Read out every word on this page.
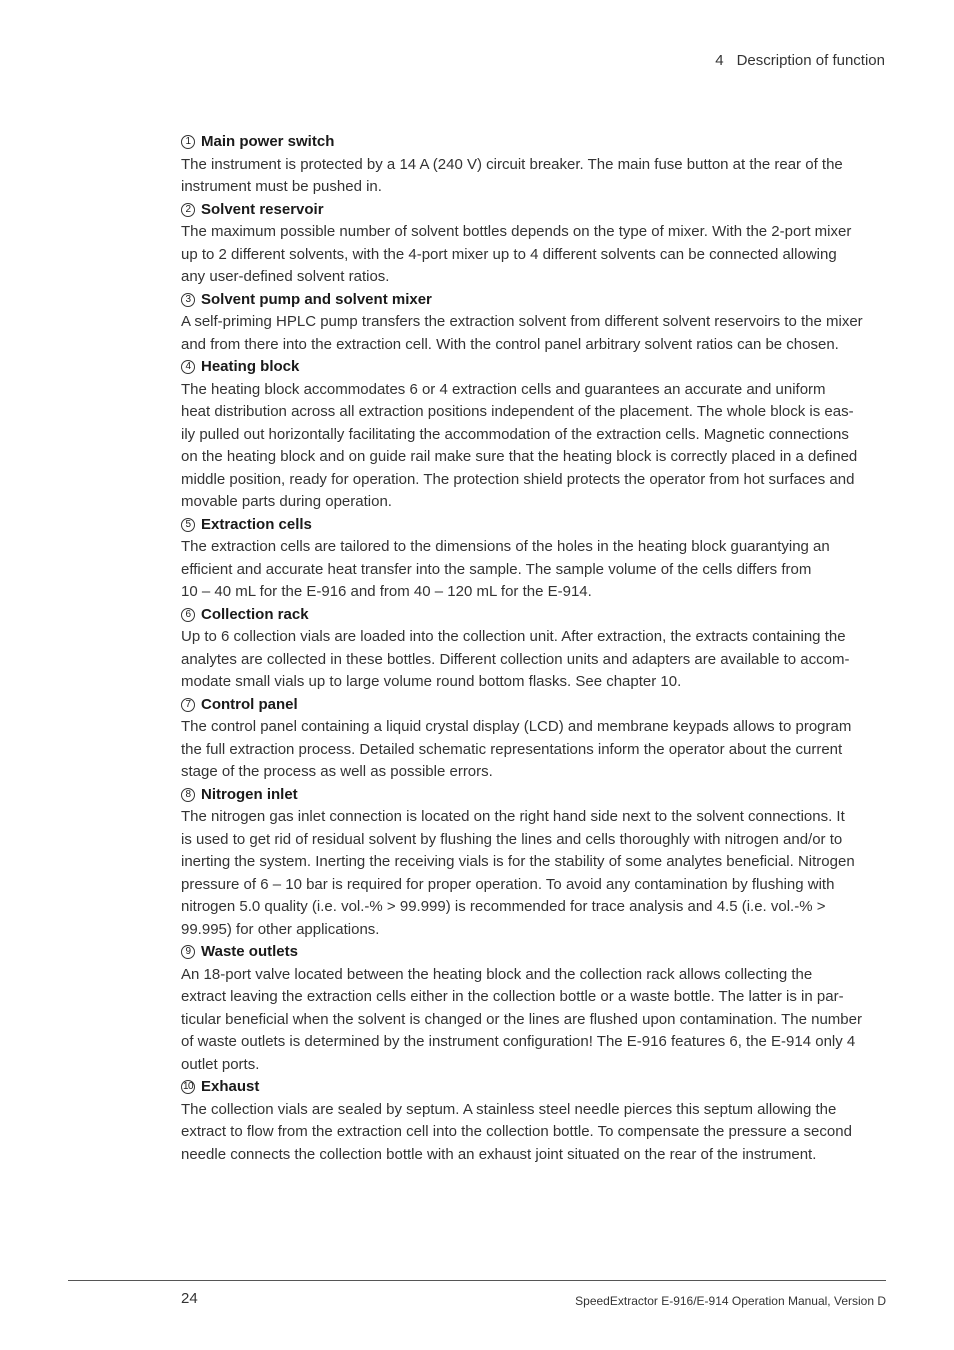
4 Description of function
1 Main power switch
The instrument is protected by a 14 A (240 V) circuit breaker. The main fuse button at the rear of the
instrument must be pushed in.
2 Solvent reservoir
The maximum possible number of solvent bottles depends on the type of mixer. With the 2-port mixer
up to 2 different solvents, with the 4-port mixer up to 4 different solvents can be connected allowing
any user-defined solvent ratios.
3 Solvent pump and solvent mixer
A self-priming HPLC pump transfers the extraction solvent from different solvent reservoirs to the mixer
and from there into the extraction cell. With the control panel arbitrary solvent ratios can be chosen.
4 Heating block
The heating block accommodates 6 or 4 extraction cells and guarantees an accurate and uniform
heat distribution across all extraction positions independent of the placement. The whole block is eas-
ily pulled out horizontally facilitating the accommodation of the extraction cells. Magnetic connections
on the heating block and on guide rail make sure that the heating block is correctly placed in a defined
middle position, ready for operation. The protection shield protects the operator from hot surfaces and
movable parts during operation.
5 Extraction cells
The extraction cells are tailored to the dimensions of the holes in the heating block guarantying an
efficient and accurate heat transfer into the sample. The sample volume of the cells differs from
10 – 40 mL for the E-916 and from 40 – 120 mL for the E-914.
6 Collection rack
Up to 6 collection vials are loaded into the collection unit. After extraction, the extracts containing the
analytes are collected in these bottles. Different collection units and adapters are available to accom-
modate small vials up to large volume round bottom flasks. See chapter 10.
7 Control panel
The control panel containing a liquid crystal display (LCD) and membrane keypads allows to program
the full extraction process. Detailed schematic representations inform the operator about the current
stage of the process as well as possible errors.
8 Nitrogen inlet
The nitrogen gas inlet connection is located on the right hand side next to the solvent connections. It
is used to get rid of residual solvent by flushing the lines and cells thoroughly with nitrogen and/or to
inerting the system. Inerting the receiving vials is for the stability of some analytes beneficial. Nitrogen
pressure of 6 – 10 bar is required for proper operation. To avoid any contamination by flushing with
nitrogen 5.0 quality (i.e. vol.-% > 99.999) is recommended for trace analysis and 4.5 (i.e. vol.-% >
99.995) for other applications.
9 Waste outlets
An 18-port valve located between the heating block and the collection rack allows collecting the
extract leaving the extraction cells either in the collection bottle or a waste bottle. The latter is in par-
ticular beneficial when the solvent is changed or the lines are flushed upon contamination. The number
of waste outlets is determined by the instrument configuration! The E-916 features 6, the E-914 only 4
outlet ports.
10 Exhaust
The collection vials are sealed by septum. A stainless steel needle pierces this septum allowing the
extract to flow from the extraction cell into the collection bottle. To compensate the pressure a second
needle connects the collection bottle with an exhaust joint situated on the rear of the instrument.
24	SpeedExtractor E-916/E-914 Operation Manual, Version D
